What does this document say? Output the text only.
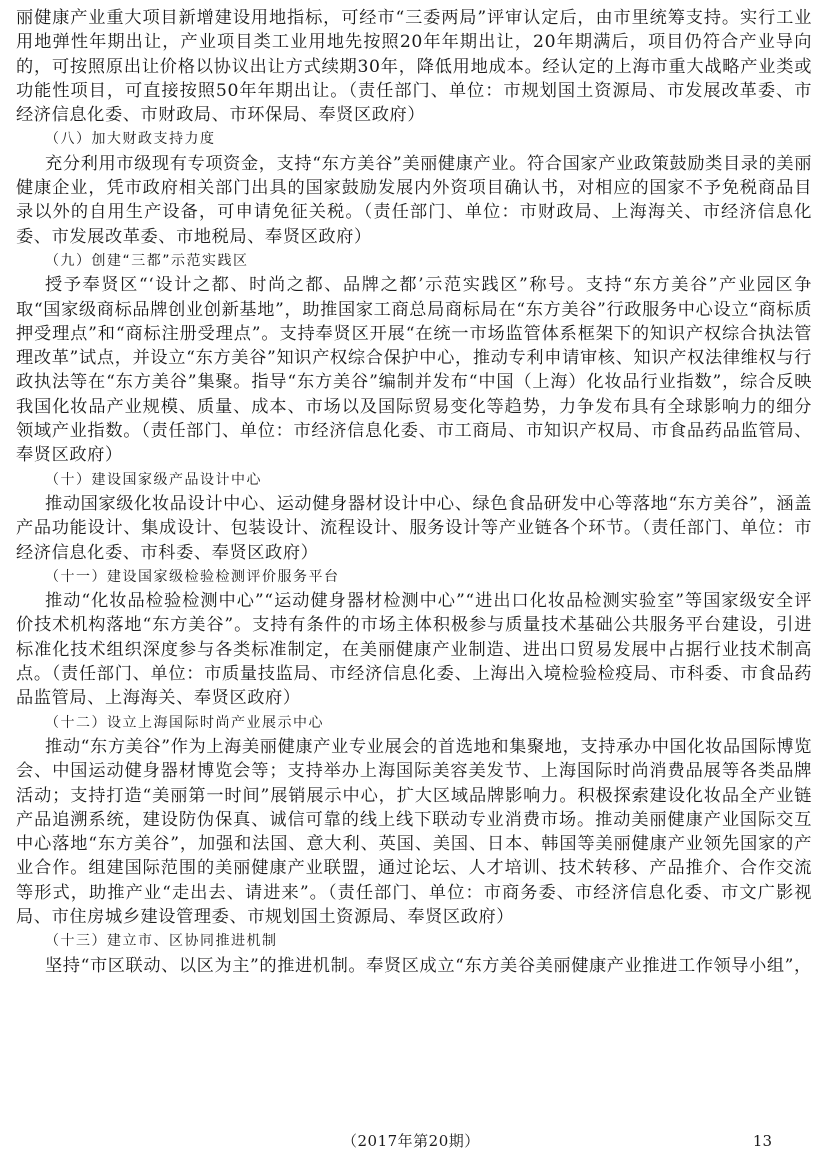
丽健康产业重大项目新增建设用地指标，可经市“三委两局”评审认定后，由市里统筹支持。实行工业用地弹性年期出让，产业项目类工业用地先按照20年年期出让，20年期满后，项目仍符合产业导向的，可按照原出让价格以协议出让方式续期30年，降低用地成本。经认定的上海市重大战略产业类或功能性项目，可直接按照50年年期出让。（责任部门、单位：市规划国土资源局、市发展改革委、市经济信息化委、市财政局、市环保局、奉贤区政府）

（八）加大财政支持力度

充分利用市级现有专项资金，支持“东方美谷”美丽健康产业。符合国家产业政策鼓励类目录的美丽健康企业，凭市政府相关部门出具的国家鼓励发展内外资项目确认书，对相应的国家不予免税商品目录以外的自用生产设备，可申请免征关税。（责任部门、单位：市财政局、上海海关、市经济信息化委、市发展改革委、市地税局、奉贤区政府）

（九）创建“三都”示范实践区

授予奉贤区“‘设计之都、时尚之都、品牌之都’示范实践区”称号。支持“东方美谷”产业园区争取“国家级商标品牌创业创新基地”，助推国家工商总局商标局在“东方美谷”行政服务中心设立“商标质押受理点”和“商标注册受理点”。支持奉贤区开展“在统一市场监管体系框架下的知识产权综合执法管理改革”试点，并设立“东方美谷”知识产权综合保护中心，推动专利申请审核、知识产权法律维权与行政执法等在“东方美谷”集聚。指导“东方美谷”编制并发布“中国（上海）化妆品行业指数”，综合反映我国化妆品产业规模、质量、成本、市场以及国际贸易变化等趋势，力争发布具有全球影响力的细分领域产业指数。（责任部门、单位：市经济信息化委、市工商局、市知识产权局、市食品药品监管局、奉贤区政府）

（十）建设国家级产品设计中心

推动国家级化妆品设计中心、运动健身器材设计中心、绿色食品研发中心等落地“东方美谷”，涵盖产品功能设计、集成设计、包装设计、流程设计、服务设计等产业链各个环节。（责任部门、单位：市经济信息化委、市科委、奉贤区政府）

（十一）建设国家级检验检测评价服务平台

推动“化妆品检验检测中心”“运动健身器材检测中心”“进出口化妆品检测实验室”等国家级安全评价技术机构落地“东方美谷”。支持有条件的市场主体积极参与质量技术基础公共服务平台建设，引进标准化技术组织深度参与各类标准制定，在美丽健康产业制造、进出口贸易发展中占据行业技术制高点。（责任部门、单位：市质量技监局、市经济信息化委、上海出入境检验检疫局、市科委、市食品药品监管局、上海海关、奉贤区政府）

（十二）设立上海国际时尚产业展示中心

推动“东方美谷”作为上海美丽健康产业专业展会的首选地和集聚地，支持承办中国化妆品国际博览会、中国运动健身器材博览会等；支持举办上海国际美容美发节、上海国际时尚消费品展等各类品牌活动；支持打造“美丽第一时间”展销展示中心，扩大区域品牌影响力。积极探索建设化妆品全产业链产品追溯系统，建设防伪保真、诚信可靠的线上线下联动专业消费市场。推动美丽健康产业国际交互中心落地“东方美谷”，加强和法国、意大利、英国、美国、日本、韩国等美丽健康产业领先国家的产业合作。组建国际范围的美丽健康产业联盟，通过论坛、人才培训、技术转移、产品推介、合作交流等形式，助推产业“走出去、请进来”。（责任部门、单位：市商务委、市经济信息化委、市文广影视局、市住房城乡建设管理委、市规划国土资源局、奉贤区政府）

（十三）建立市、区协同推进机制

坚持“市区联动、以区为主”的推进机制。奉贤区成立“东方美谷美丽健康产业推进工作领导小组”，

（2017年第20期）	13
